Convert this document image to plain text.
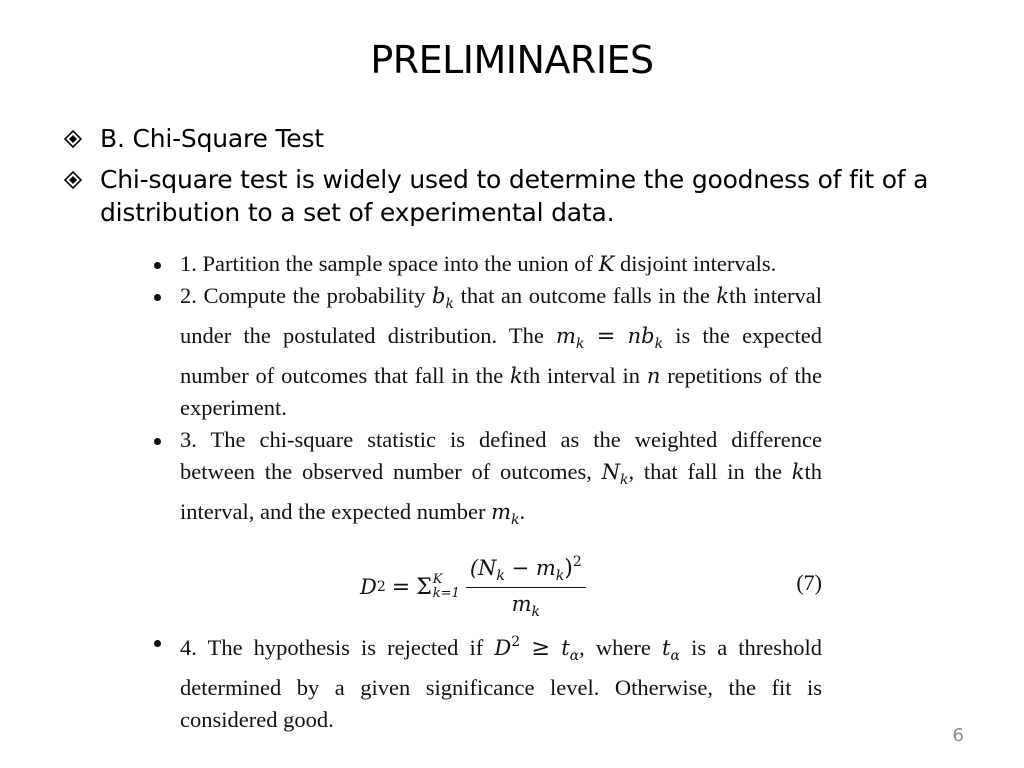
PRELIMINARIES
B. Chi-Square Test
Chi-square test is widely used to determine the goodness of fit of a distribution to a set of experimental data.

1. Partition the sample space into the union of K disjoint intervals.

2. Compute the probability $b_k$ that an outcome falls in the kth interval under the postulated distribution. The $m_k = nb_k$ is the expected number of outcomes that fall in the kth interval in n repetitions of the experiment.

3. The chi-square statistic is defined as the weighted difference between the observed number of outcomes, $N_k$, that fall in the kth interval, and the expected number $m_k$.

D 2 = Σ K
$k=1 \frac{(N_k - m_k)^2}{m_k}$	(7)

4. The hypothesis is rejected if $D^2 \ge t_\alpha$, where $t_\alpha$ is a threshold determined by a given significance level. Otherwise, the fit is considered good.

6
